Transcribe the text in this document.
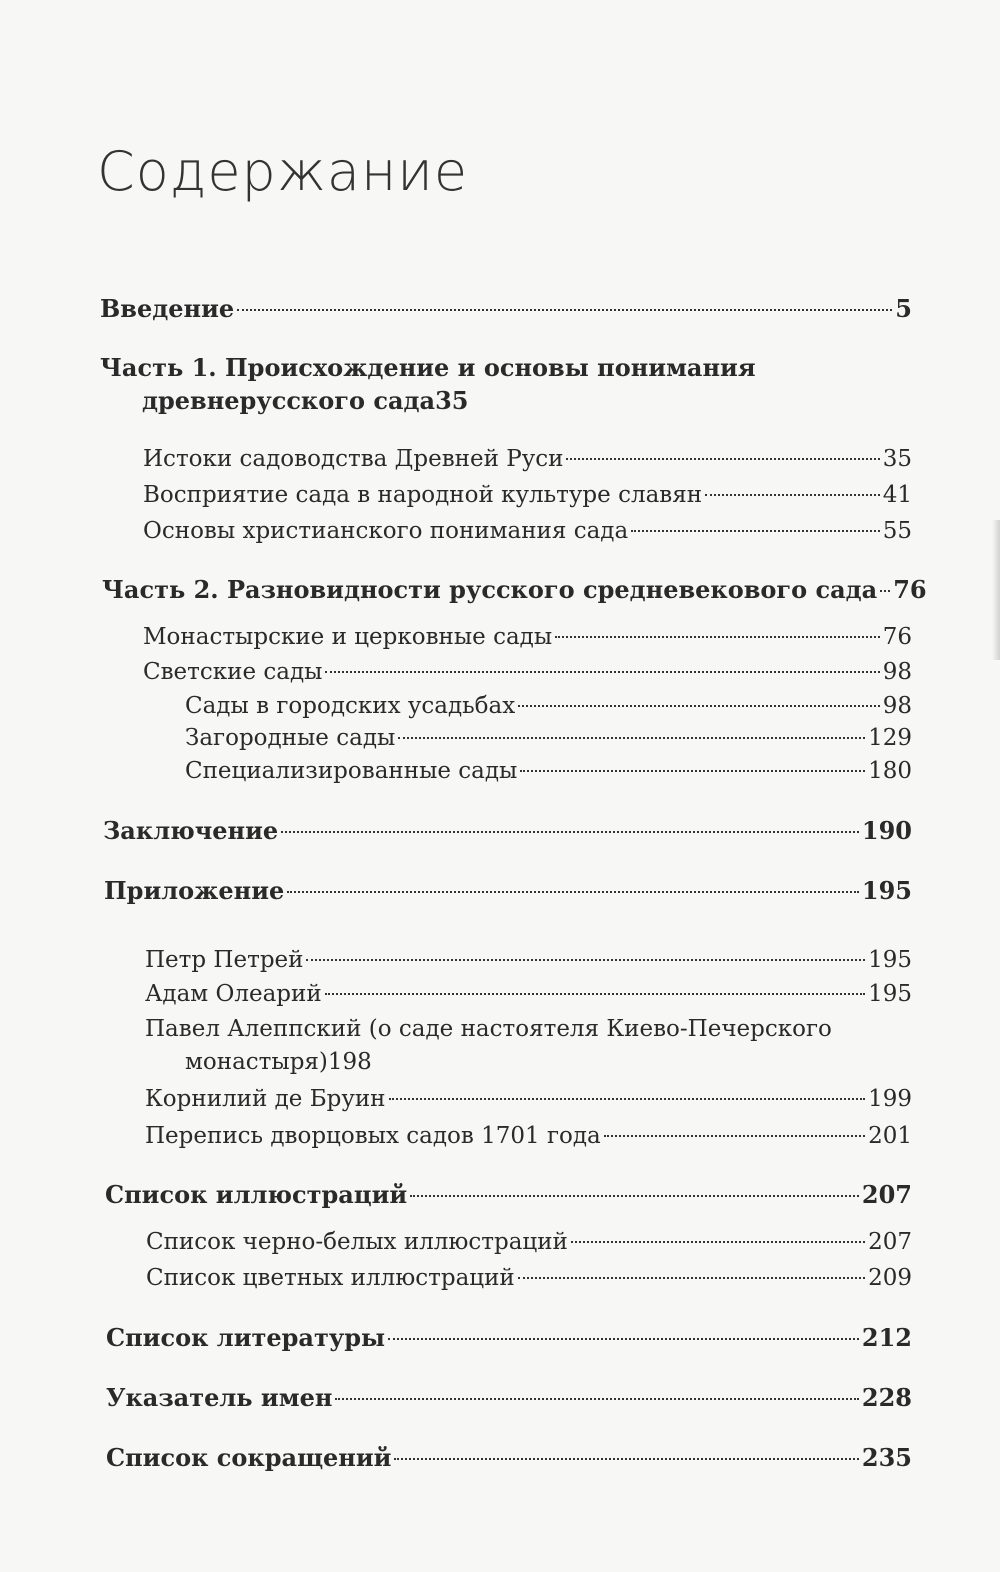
Содержание
Введение	5
Часть 1. Происхождение и основы понимания
древнерусского сада 35
Истоки садоводства Древней Руси	35
Восприятие сада в народной культуре славян	41
Основы христианского понимания сада	55
Часть 2. Разновидности русского средневекового сада 76
Монастырские и церковные сады	76
Светские сады	98
Сады в городских усадьбах	98
Загородные сады	129
Специализированные сады	180
Заключение	190
Приложение	195
Петр Петрей	195
Адам Олеарий	195
Павел Алеппский (о саде настоятеля Киево-Печерского
монастыря) 198
Корнилий де Бруин	199
Перепись дворцовых садов 1701 года	201
Список иллюстраций	207
Список черно-белых иллюстраций	207
Список цветных иллюстраций	209
Список литературы	212
Указатель имен	228
Список сокращений	235
